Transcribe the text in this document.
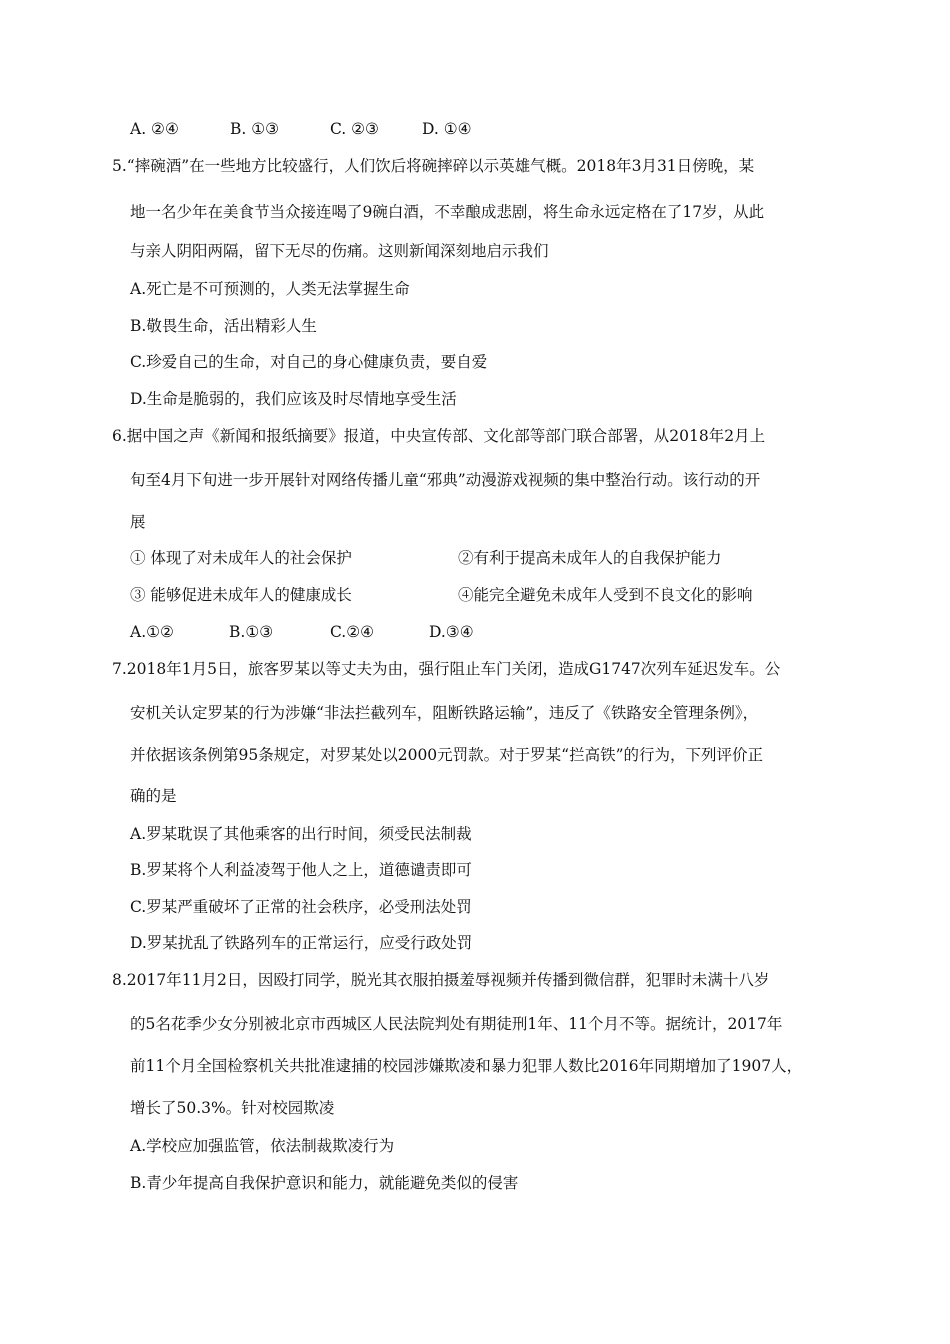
A. ②④	B. ①③	C. ②③	D. ①④
5.“摔碗酒”在一些地方比较盛行，人们饮后将碗摔碎以示英雄气概。2018年3月31日傍晚，某
地一名少年在美食节当众接连喝了9碗白酒，不幸酿成悲剧，将生命永远定格在了17岁，从此
与亲人阴阳两隔，留下无尽的伤痛。这则新闻深刻地启示我们
A.死亡是不可预测的，人类无法掌握生命
B.敬畏生命，活出精彩人生
C.珍爱自己的生命，对自己的身心健康负责，要自爱
D.生命是脆弱的，我们应该及时尽情地享受生活
6.据中国之声《新闻和报纸摘要》报道，中央宣传部、文化部等部门联合部署，从2018年2月上
旬至4月下旬进一步开展针对网络传播儿童“邪典”动漫游戏视频的集中整治行动。该行动的开
展
① 体现了对未成年人的社会保护	②有利于提高未成年人的自我保护能力
③ 能够促进未成年人的健康成长	④能完全避免未成年人受到不良文化的影响
A.①②	B.①③	C.②④	D.③④
7.2018年1月5日，旅客罗某以等丈夫为由，强行阻止车门关闭，造成G1747次列车延迟发车。公
安机关认定罗某的行为涉嫌“非法拦截列车，阻断铁路运输”，违反了《铁路安全管理条例》，
并依据该条例第95条规定，对罗某处以2000元罚款。对于罗某“拦高铁”的行为，下列评价正
确的是
A.罗某耽误了其他乘客的出行时间，须受民法制裁
B.罗某将个人利益凌驾于他人之上，道德谴责即可
C.罗某严重破坏了正常的社会秩序，必受刑法处罚
D.罗某扰乱了铁路列车的正常运行，应受行政处罚
8.2017年11月2日，因殴打同学，脱光其衣服拍摄羞辱视频并传播到微信群，犯罪时未满十八岁
的5名花季少女分别被北京市西城区人民法院判处有期徒刑1年、11个月不等。据统计，2017年
前11个月全国检察机关共批准逮捕的校园涉嫌欺凌和暴力犯罪人数比2016年同期增加了1907人，
增长了50.3%。针对校园欺凌
A.学校应加强监管，依法制裁欺凌行为
B.青少年提高自我保护意识和能力，就能避免类似的侵害
